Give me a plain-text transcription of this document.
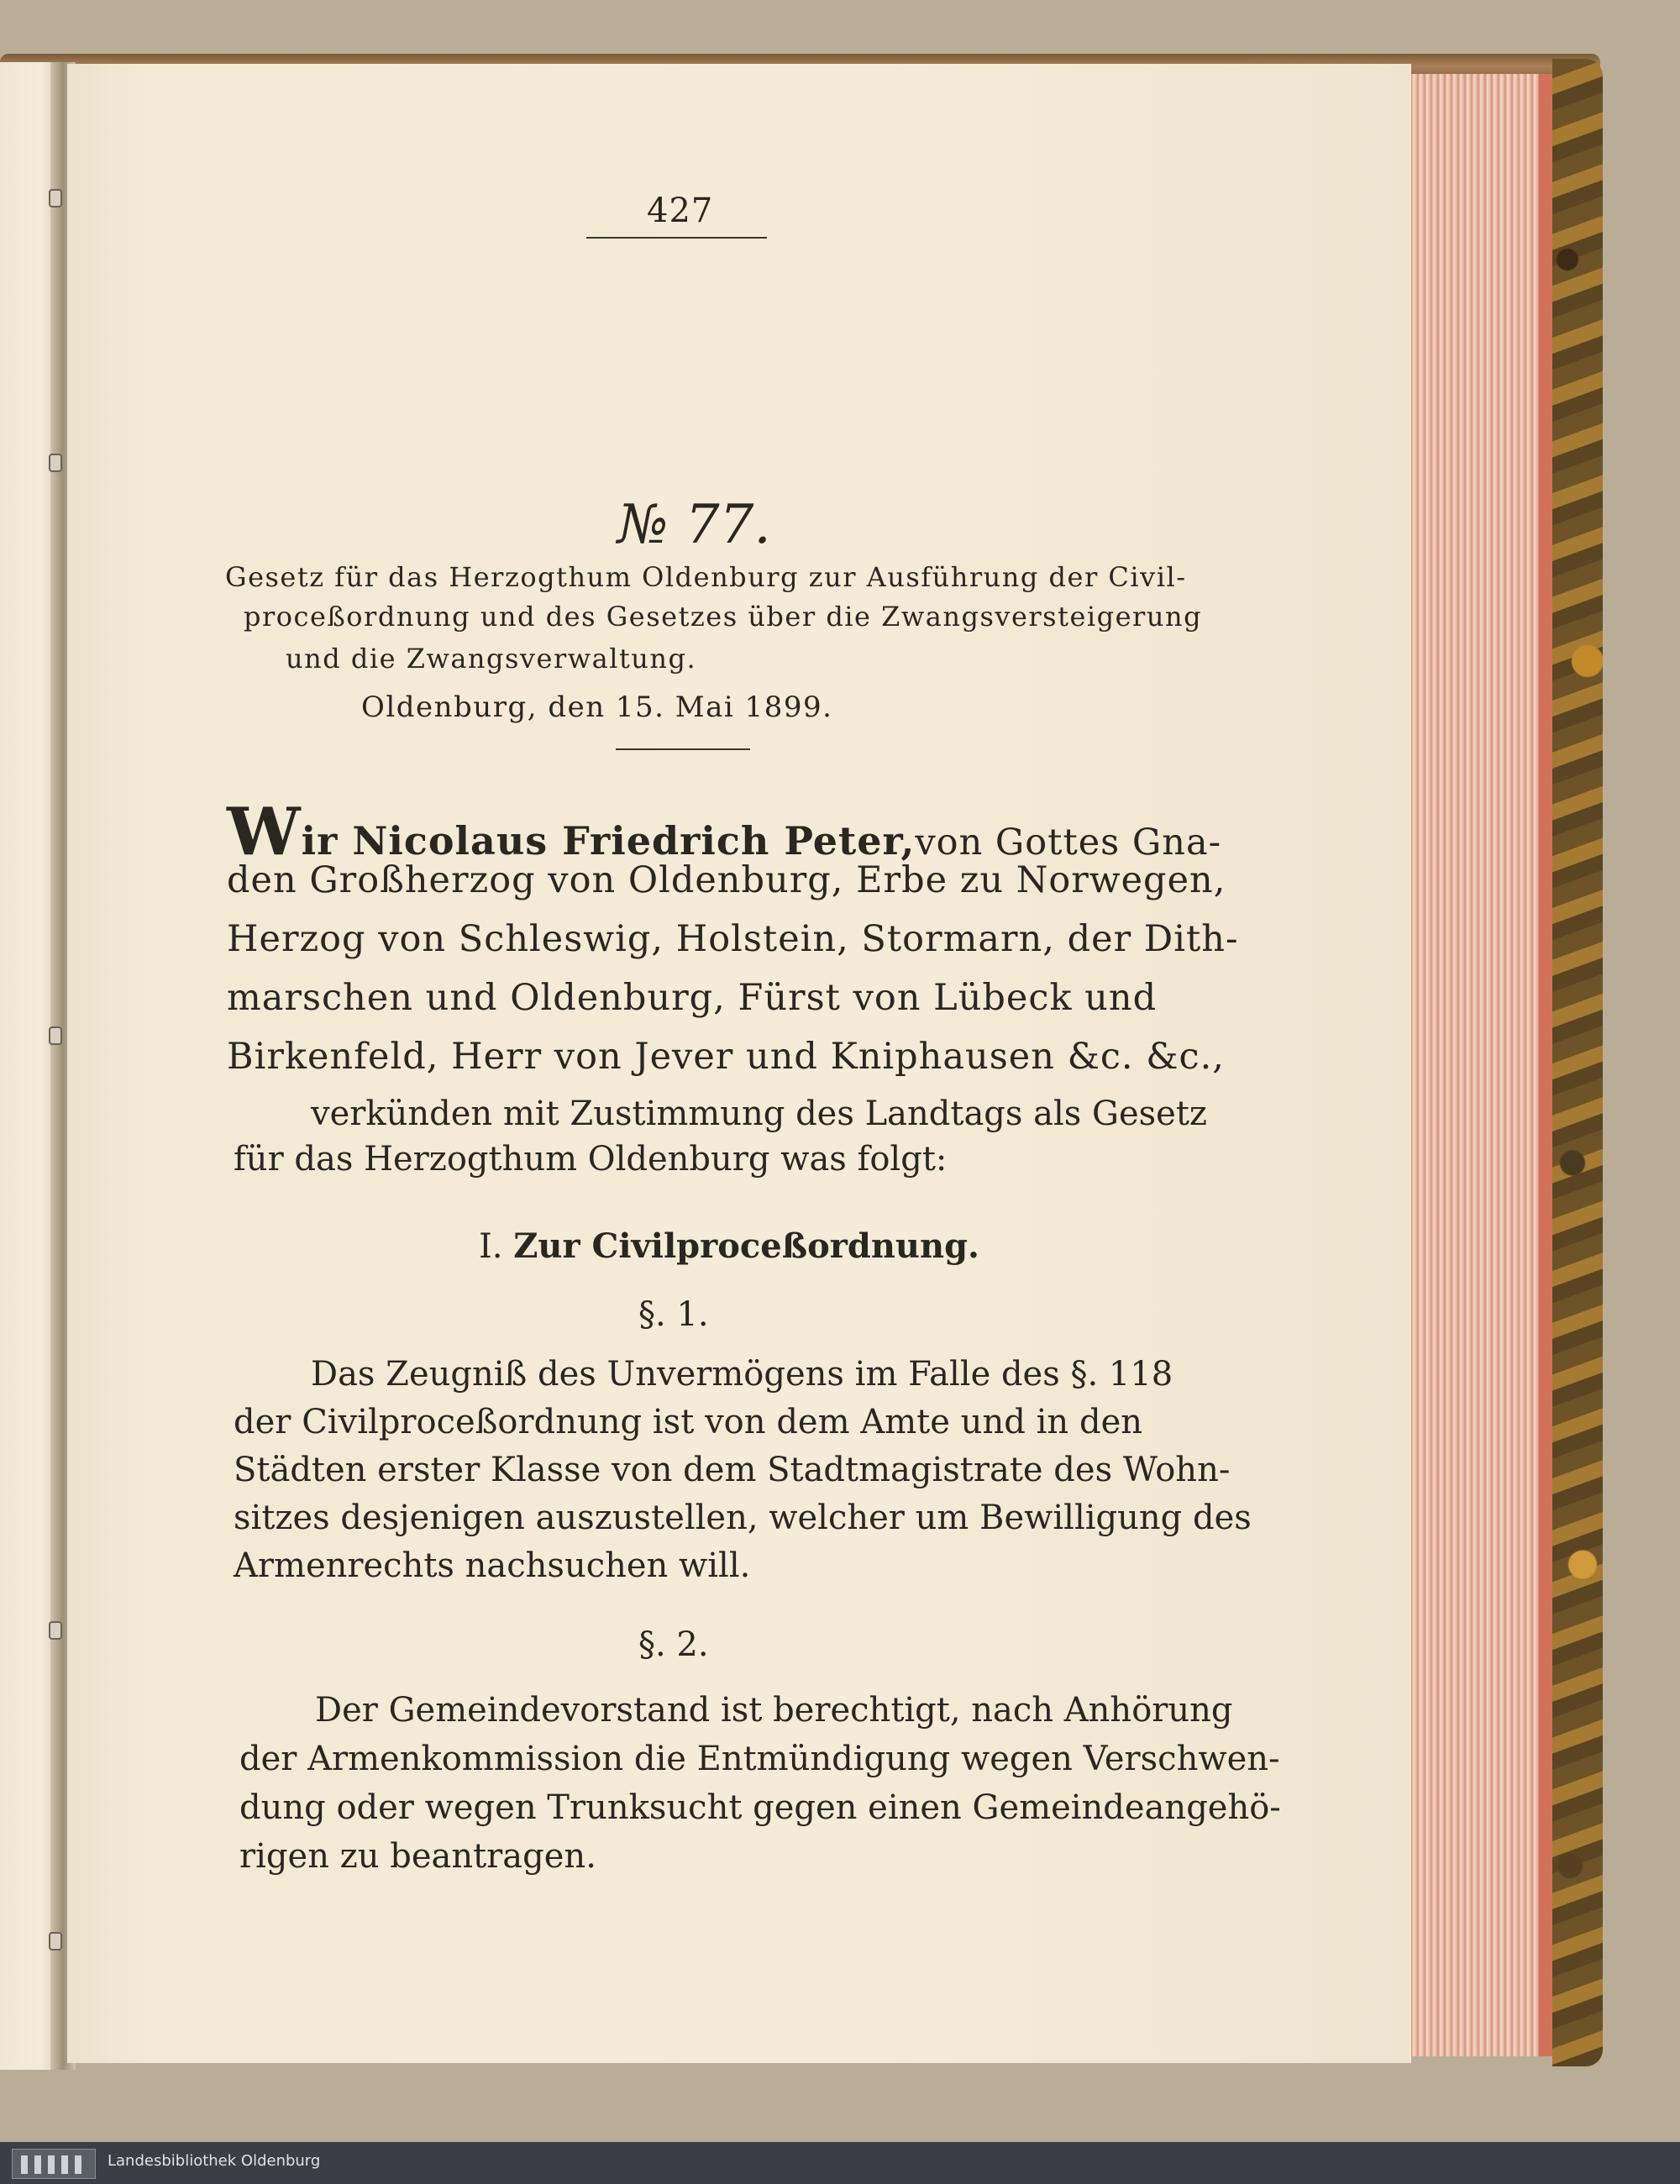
427
№ 77.
Gesetz für das Herzogthum Oldenburg zur Ausführung der Civil-
proceßordnung und des Gesetzes über die Zwangsversteigerung
und die Zwangsverwaltung.
Oldenburg, den 15. Mai 1899.
Wir Nicolaus Friedrich Peter, von Gottes Gna-
den Großherzog von Oldenburg, Erbe zu Norwegen,
Herzog von Schleswig, Holstein, Stormarn, der Dith-
marschen und Oldenburg, Fürst von Lübeck und
Birkenfeld, Herr von Jever und Kniphausen &c. &c.,
verkünden mit Zustimmung des Landtags als Gesetz
für das Herzogthum Oldenburg was folgt:
I. Zur Civilproceßordnung.
§. 1.
Das Zeugniß des Unvermögens im Falle des §. 118
der Civilproceßordnung ist von dem Amte und in den
Städten erster Klasse von dem Stadtmagistrate des Wohn-
sitzes desjenigen auszustellen, welcher um Bewilligung des
Armenrechts nachsuchen will.
§. 2.
Der Gemeindevorstand ist berechtigt, nach Anhörung
der Armenkommission die Entmündigung wegen Verschwen-
dung oder wegen Trunksucht gegen einen Gemeindeangehö-
rigen zu beantragen.
Landesbibliothek Oldenburg
